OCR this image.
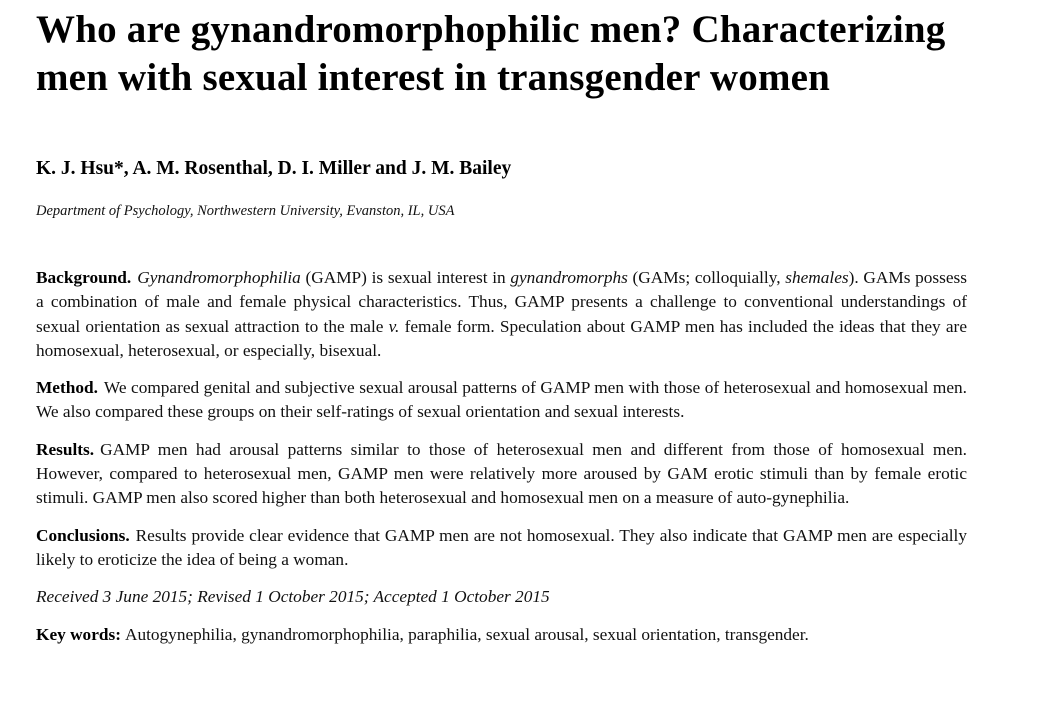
Who are gynandromorphophilic men? Characterizing men with sexual interest in transgender women
K. J. Hsu*, A. M. Rosenthal, D. I. Miller and J. M. Bailey
Department of Psychology, Northwestern University, Evanston, IL, USA

Background. Gynandromorphophilia (GAMP) is sexual interest in gynandromorphs (GAMs; colloquially, shemales). GAMs possess a combination of male and female physical characteristics. Thus, GAMP presents a challenge to conventional understandings of sexual orientation as sexual attraction to the male v. female form. Speculation about GAMP men has included the ideas that they are homosexual, heterosexual, or especially, bisexual.

Method. We compared genital and subjective sexual arousal patterns of GAMP men with those of heterosexual and homosexual men. We also compared these groups on their self-ratings of sexual orientation and sexual interests.

Results. GAMP men had arousal patterns similar to those of heterosexual men and different from those of homosexual men. However, compared to heterosexual men, GAMP men were relatively more aroused by GAM erotic stimuli than by female erotic stimuli. GAMP men also scored higher than both heterosexual and homosexual men on a measure of auto-gynephilia.

Conclusions. Results provide clear evidence that GAMP men are not homosexual. They also indicate that GAMP men are especially likely to eroticize the idea of being a woman.

Received 3 June 2015; Revised 1 October 2015; Accepted 1 October 2015

Key words: Autogynephilia, gynandromorphophilia, paraphilia, sexual arousal, sexual orientation, transgender.
